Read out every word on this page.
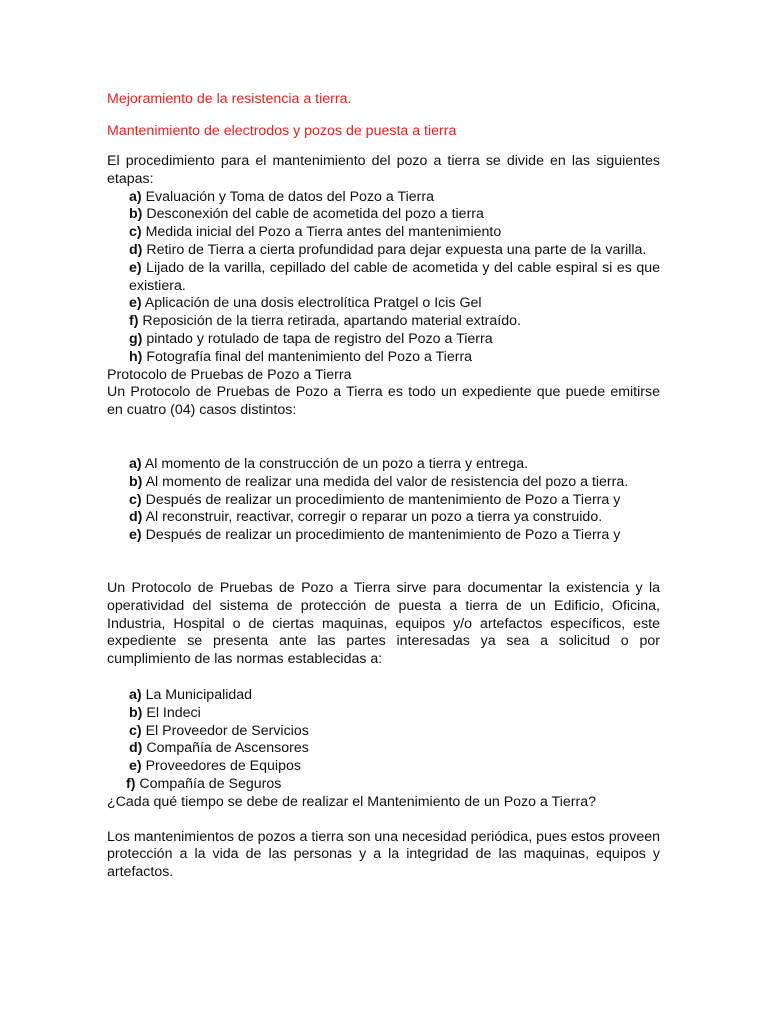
Mejoramiento de la resistencia a tierra.

Mantenimiento de electrodos y pozos de puesta a tierra

El procedimiento para el mantenimiento del pozo a tierra se divide en las siguientes etapas:

a) Evaluación y Toma de datos del Pozo a Tierra
b) Desconexión del cable de acometida del pozo a tierra
c) Medida inicial del Pozo a Tierra antes del mantenimiento
d) Retiro de Tierra a cierta profundidad para dejar expuesta una parte de la varilla.
e) Lijado de la varilla, cepillado del cable de acometida y del cable espiral si es que existiera.
e) Aplicación de una dosis electrolítica Pratgel o Icis Gel
f) Reposición de la tierra retirada, apartando material extraído.
g) pintado y rotulado de tapa de registro del Pozo a Tierra
h) Fotografía final del mantenimiento del Pozo a Tierra

Protocolo de Pruebas de Pozo a Tierra

Un Protocolo de Pruebas de Pozo a Tierra es todo un expediente que puede emitirse en cuatro (04) casos distintos:

a) Al momento de la construcción de un pozo a tierra y entrega.
b) Al momento de realizar una medida del valor de resistencia del pozo a tierra.
c) Después de realizar un procedimiento de mantenimiento de Pozo a Tierra y
d) Al reconstruir, reactivar, corregir o reparar un pozo a tierra ya construido.
e) Después de realizar un procedimiento de mantenimiento de Pozo a Tierra y

Un Protocolo de Pruebas de Pozo a Tierra sirve para documentar la existencia y la operatividad del sistema de protección de puesta a tierra de un Edificio, Oficina, Industria, Hospital o de ciertas maquinas, equipos y/o artefactos específicos, este expediente se presenta ante las partes interesadas ya sea a solicitud o por cumplimiento de las normas establecidas a:

a) La Municipalidad
b) El Indeci
c) El Proveedor de Servicios
d) Compañía de Ascensores
e) Proveedores de Equipos
f) Compañía de Seguros

¿Cada qué tiempo se debe de realizar el Mantenimiento de un Pozo a Tierra?

Los mantenimientos de pozos a tierra son una necesidad periódica, pues estos proveen protección a la vida de las personas y a la integridad de las maquinas, equipos y artefactos.
